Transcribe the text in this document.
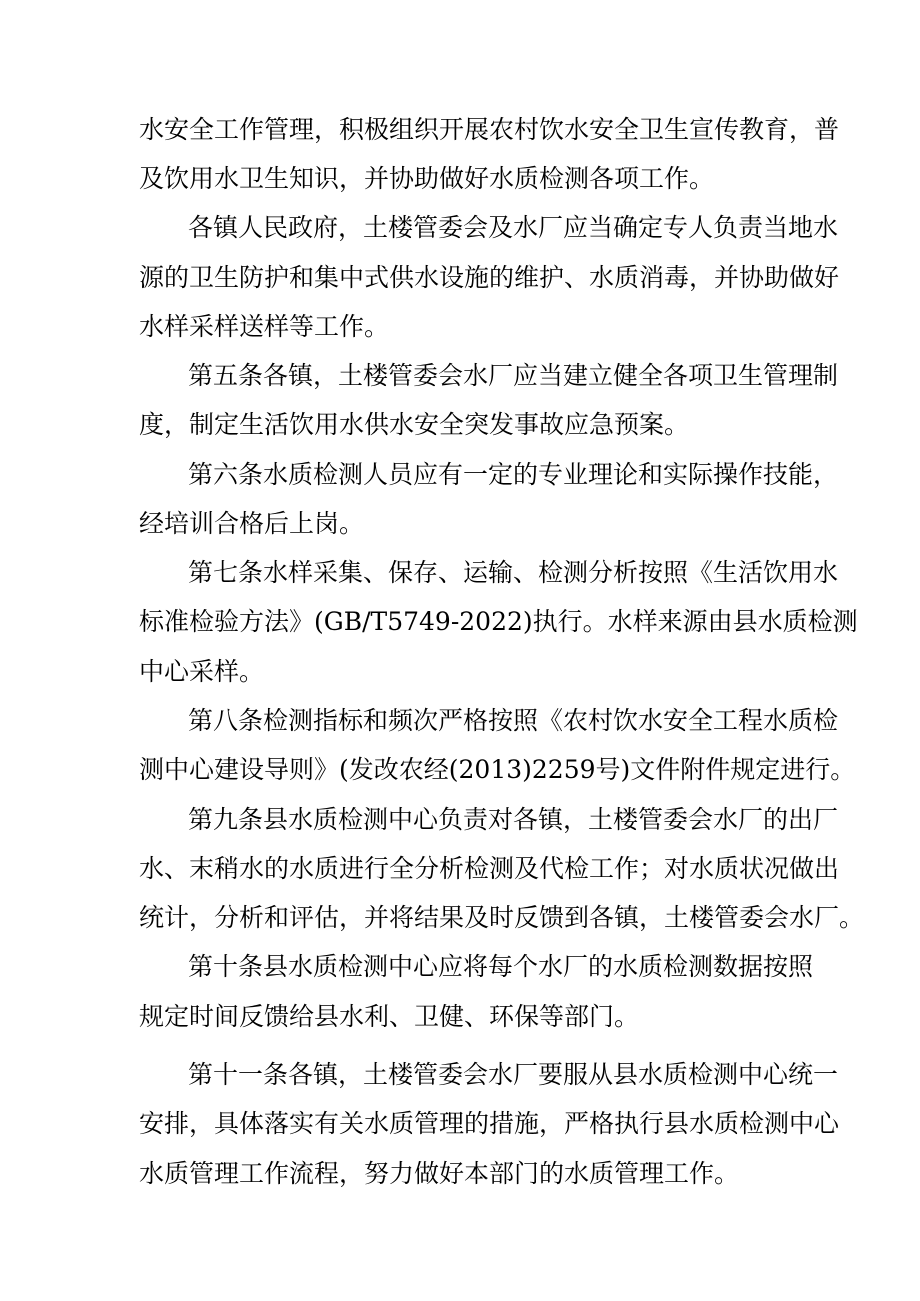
水安全工作管理，积极组织开展农村饮水安全卫生宣传教育，普
及饮用水卫生知识，并协助做好水质检测各项工作。
各镇人民政府，土楼管委会及水厂应当确定专人负责当地水
源的卫生防护和集中式供水设施的维护、水质消毒，并协助做好
水样采样送样等工作。
第五条各镇，土楼管委会水厂应当建立健全各项卫生管理制
度，制定生活饮用水供水安全突发事故应急预案。
第六条水质检测人员应有一定的专业理论和实际操作技能，
经培训合格后上岗。
第七条水样采集、保存、运输、检测分析按照《生活饮用水
标准检验方法》(GB/T5749-2022)执行。水样来源由县水质检测
中心采样。
第八条检测指标和频次严格按照《农村饮水安全工程水质检
测中心建设导则》(发改农经(2013)2259号)文件附件规定进行。
第九条县水质检测中心负责对各镇，土楼管委会水厂的出厂
水、末稍水的水质进行全分析检测及代检工作；对水质状况做出
统计，分析和评估，并将结果及时反馈到各镇，土楼管委会水厂。
第十条县水质检测中心应将每个水厂的水质检测数据按照
规定时间反馈给县水利、卫健、环保等部门。
第十一条各镇，土楼管委会水厂要服从县水质检测中心统一
安排，具体落实有关水质管理的措施，严格执行县水质检测中心
水质管理工作流程，努力做好本部门的水质管理工作。
